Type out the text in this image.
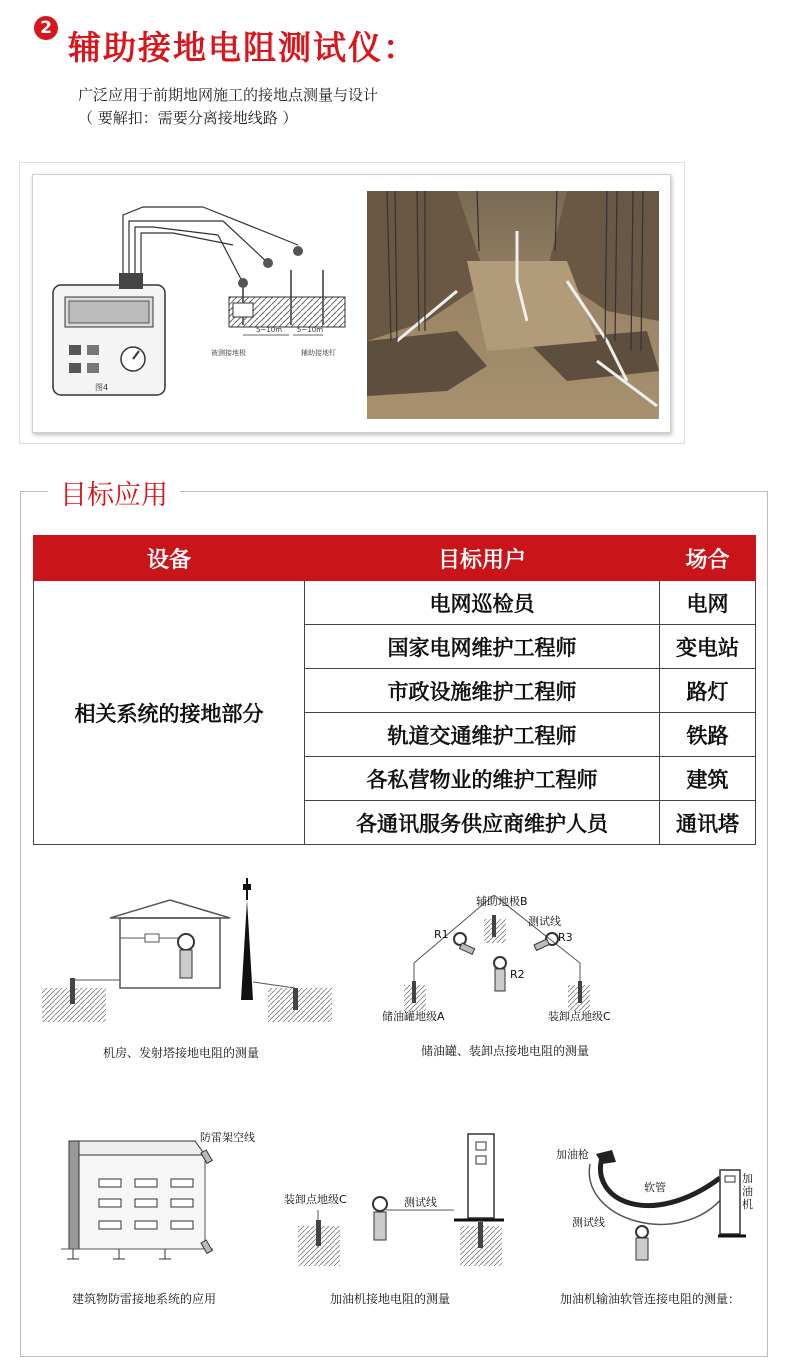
2 辅助接地电阻测试仪：
广泛应用于前期地网施工的接地点测量与设计
（ 要解扣：需要分离接地线路 ）
图4
5~10m 5~10m
被测接地极	辅助接地钉
目标应用
设备	目标用户	场合
相关系统的接地部分	电网巡检员	电网
	国家电网维护工程师	变电站
	市政设施维护工程师	路灯
	轨道交通维护工程师	铁路
	各私营物业的维护工程师	建筑
	各通讯服务供应商维护人员	通讯塔
机房、发射塔接地电阻的测量
辅助地极B
测试线
R1	R3
R2
储油罐地级A	装卸点地级C
储油罐、装卸点接地电阻的测量
防雷架空线
建筑物防雷接地系统的应用
装卸点地级C	测试线
加油机接地电阻的测量
加油枪
软管
测试线
加油机
加油机输油软管连接电阻的测量：
